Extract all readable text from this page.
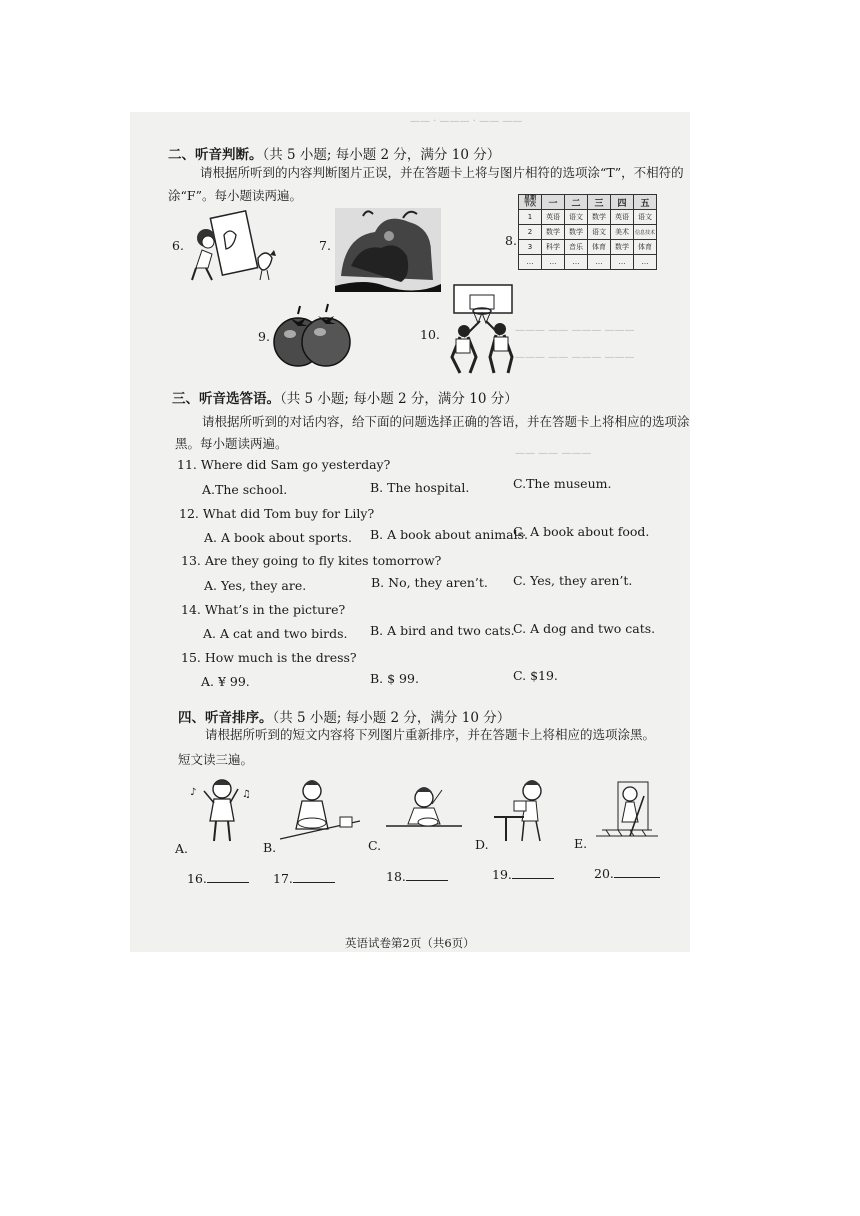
—— · ——— · —— ——
——— —— ——— ———
——— —— ——— ———
—— —— ———
二、听音判断。（共 5 小题; 每小题 2 分，满分 10 分）
请根据所听到的内容判断图片正误，并在答题卡上将与图片相符的选项涂“T”，不相符的
涂“F”。每小题读两遍。
6.	7.	8.
星期
节次	一	二	三	四	五
1	英语	语文	数学	英语	语文
2	数学	数学	语文	美术	信息技术
3	科学	音乐	体育	数学	体育
…	…	…	…	…	…
9.	10.
三、听音选答语。（共 5 小题; 每小题 2 分，满分 10 分）
请根据所听到的对话内容，给下面的问题选择正确的答语，并在答题卡上将相应的选项涂
黑。每小题读两遍。
11. Where did Sam go yesterday?
A.The school.	B. The hospital.	C.The museum.
12. What did Tom buy for Lily?
A. A book about sports. B. A book about animals.
C. A book about food.
13. Are they going to fly kites tomorrow?
A. Yes, they are.	B. No, they aren’t. C. Yes, they aren’t.
14. What’s in the picture?
A. A cat and two birds. B. A bird and two cats.
C. A dog and two cats.
15. How much is the dress?
A. ¥ 99.	B. $ 99.	C. $19.
四、听音排序。（共 5 小题; 每小题 2 分，满分 10 分）
请根据所听到的短文内容将下列图片重新排序，并在答题卡上将相应的选项涂黑。
短文读三遍。
♪	♫
A.	B.	C.	D.	E.
16.	17.	18.	19.	20.
英语试卷第2页（共6页）
